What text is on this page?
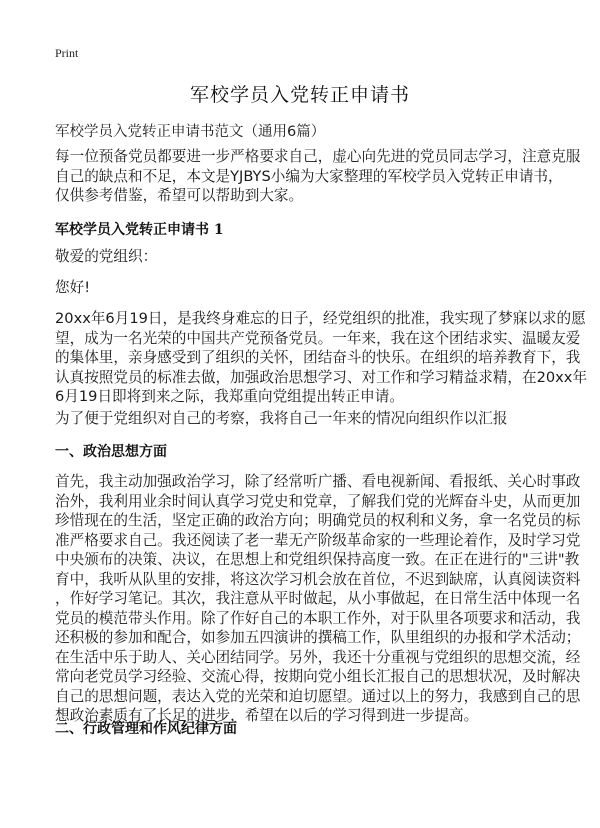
Print
军校学员入党转正申请书

军校学员入党转正申请书范文（通用6篇）

每一位预备党员都要进一步严格要求自己，虚心向先进的党员同志学习，注意克服
自己的缺点和不足，本文是YJBYS小编为大家整理的军校学员入党转正申请书，
仅供参考借鉴，希望可以帮助到大家。

军校学员入党转正申请书 1

敬爱的党组织：

您好!

20xx年6月19日，是我终身难忘的日子，经党组织的批准，我实现了梦寐以求的愿
望，成为一名光荣的中国共产党预备党员。一年来，我在这个团结求实、温暖友爱
的集体里，亲身感受到了组织的关怀，团结奋斗的快乐。在组织的培养教育下，我
认真按照党员的标准去做，加强政治思想学习、对工作和学习精益求精，在20xx年
6月19日即将到来之际，我郑重向党组提出转正申请。

为了便于党组织对自己的考察，我将自己一年来的情况向组织作以汇报

一、政治思想方面

首先，我主动加强政治学习，除了经常听广播、看电视新闻、看报纸、关心时事政
治外，我利用业余时间认真学习党史和党章，了解我们党的光辉奋斗史，从而更加
珍惜现在的生活，坚定正确的政治方向；明确党员的权利和义务，拿一名党员的标
准严格要求自己。我还阅读了老一辈无产阶级革命家的一些理论着作，及时学习党
中央颁布的决策、决议，在思想上和党组织保持高度一致。在正在进行的"三讲"教
育中，我听从队里的安排，将这次学习机会放在首位，不迟到缺席，认真阅读资料
，作好学习笔记。其次，我注意从平时做起，从小事做起，在日常生活中体现一名
党员的模范带头作用。除了作好自己的本职工作外，对于队里各项要求和活动，我
还积极的参加和配合，如参加五四演讲的撰稿工作，队里组织的办报和学术活动；
在生活中乐于助人、关心团结同学。另外，我还十分重视与党组织的思想交流，经
常向老党员学习经验、交流心得，按期向党小组长汇报自己的思想状况，及时解决
自己的思想问题，表达入党的光荣和迫切愿望。通过以上的努力，我感到自己的思
想政治素质有了长足的进步，希望在以后的学习得到进一步提高。

二、行政管理和作风纪律方面
